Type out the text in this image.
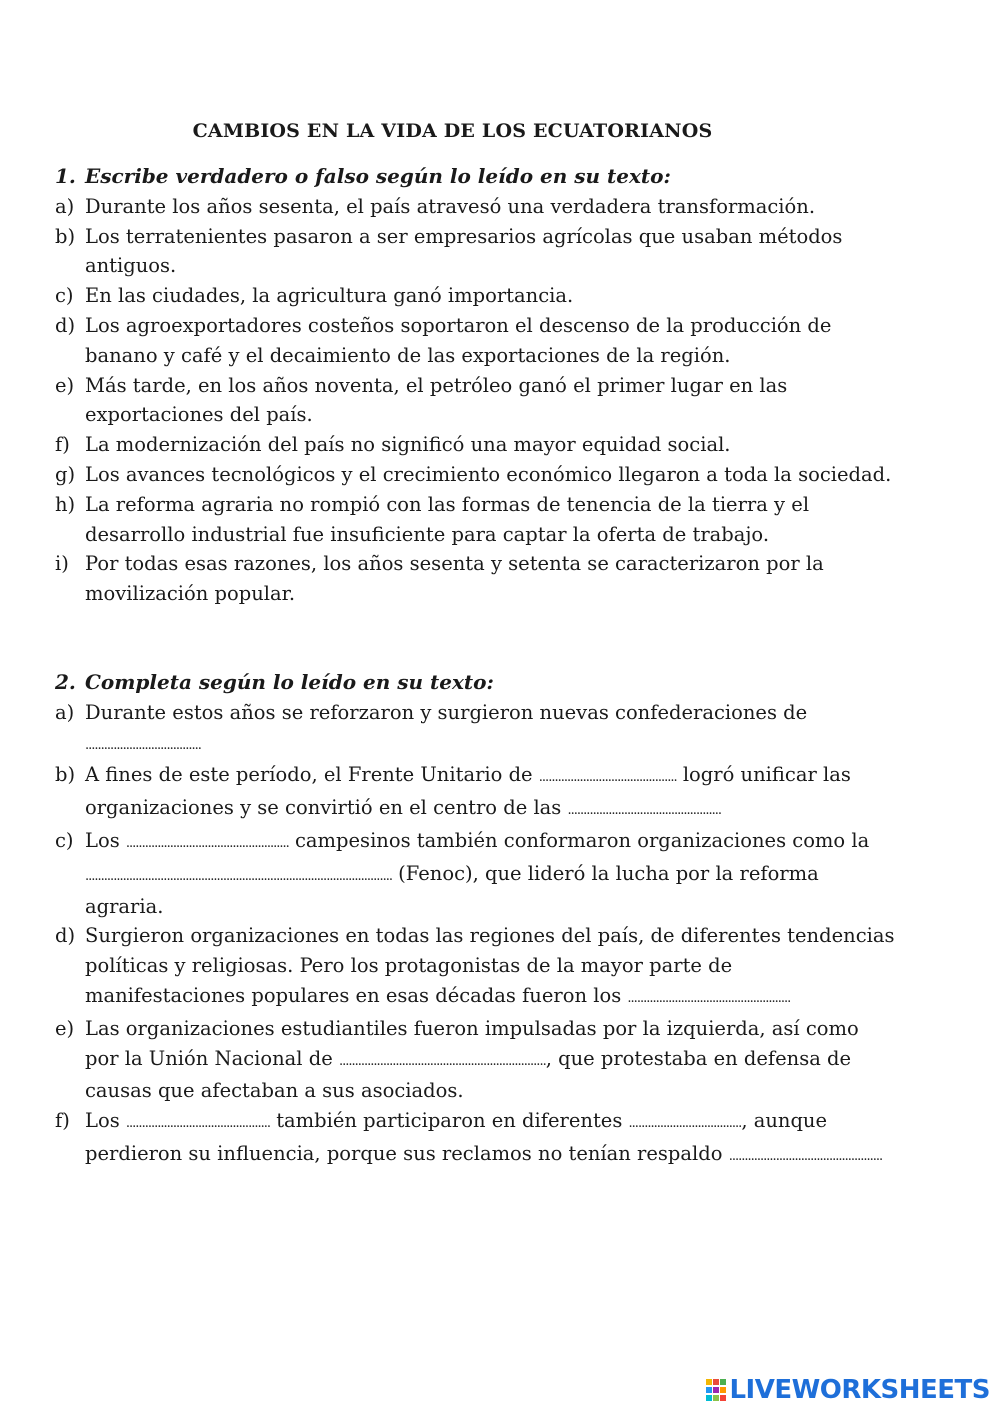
CAMBIOS EN LA VIDA DE LOS ECUATORIANOS
1. Escribe verdadero o falso según lo leído en su texto:
a) Durante los años sesenta, el país atravesó una verdadera transformación.
b) Los terratenientes pasaron a ser empresarios agrícolas que usaban métodos antiguos.
c) En las ciudades, la agricultura ganó importancia.
d) Los agroexportadores costeños soportaron el descenso de la producción de banano y café y el decaimiento de las exportaciones de la región.
e) Más tarde, en los años noventa, el petróleo ganó el primer lugar en las exportaciones del país.
f) La modernización del país no significó una mayor equidad social.
g) Los avances tecnológicos y el crecimiento económico llegaron a toda la sociedad.
h) La reforma agraria no rompió con las formas de tenencia de la tierra y el desarrollo industrial fue insuficiente para captar la oferta de trabajo.
i) Por todas esas razones, los años sesenta y setenta se caracterizaron por la movilización popular.
2. Completa según lo leído en su texto:
a) Durante estos años se reforzaron y surgieron nuevas confederaciones de .....................................
b) A fines de este período, el Frente Unitario de ............................................ logró unificar las organizaciones y se convirtió en el centro de las .................................................
c) Los .................................................... campesinos también conformaron organizaciones como la .................................................................................................. (Fenoc), que lideró la lucha por la reforma agraria.
d) Surgieron organizaciones en todas las regiones del país, de diferentes tendencias políticas y religiosas. Pero los protagonistas de la mayor parte de manifestaciones populares en esas décadas fueron los ....................................................
e) Las organizaciones estudiantiles fueron impulsadas por la izquierda, así como por la Unión Nacional de .................................................................., que protestaba en defensa de causas que afectaban a sus asociados.
f) Los .............................................. también participaron en diferentes ...................................., aunque perdieron su influencia, porque sus reclamos no tenían respaldo .................................................
LIVEWORKSHEETS
